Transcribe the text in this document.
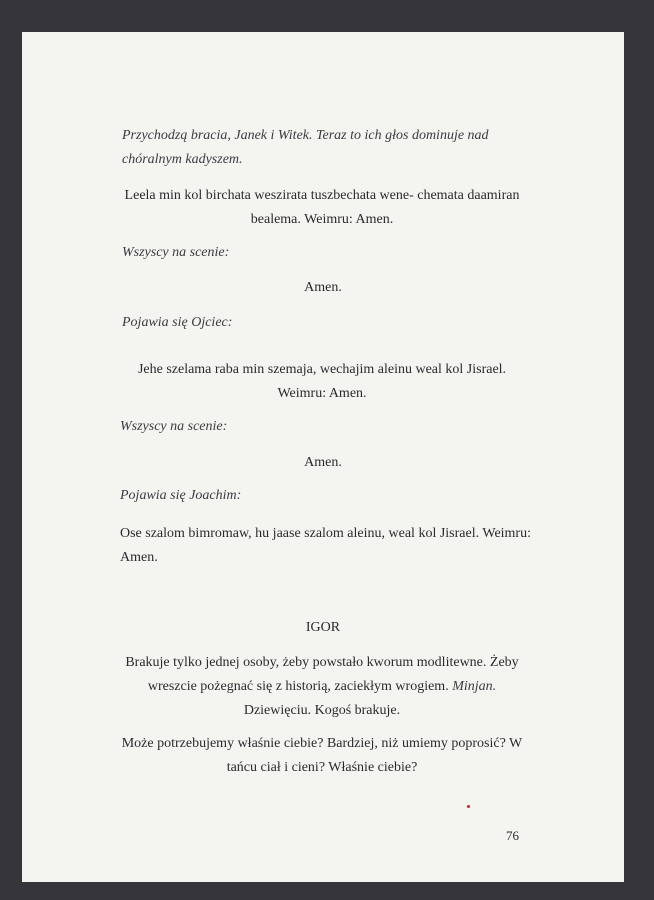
Przychodzą bracia, Janek i Witek. Teraz to ich głos dominuje nad
chóralnym kadyszem.
Leela min kol birchata weszirata tuszbechata wene- chemata daamiran
bealema. Weimru: Amen.
Wszyscy na scenie:
Amen.
Pojawia się Ojciec:
Jehe szelama raba min szemaja, wechajim aleinu weal kol Jisrael.
Weimru: Amen.
Wszyscy na scenie:
Amen.
Pojawia się Joachim:
Ose szalom bimromaw, hu jaase szalom aleinu, weal kol Jisrael. Weimru:
Amen.
IGOR
Brakuje tylko jednej osoby, żeby powstało kworum modlitewne. Żeby
wreszcie pożegnać się z historią, zaciekłym wrogiem. Minjan.
Dziewięciu. Kogoś brakuje.
Może potrzebujemy właśnie ciebie? Bardziej, niż umiemy poprosić? W
tańcu ciał i cieni? Właśnie ciebie?
76
